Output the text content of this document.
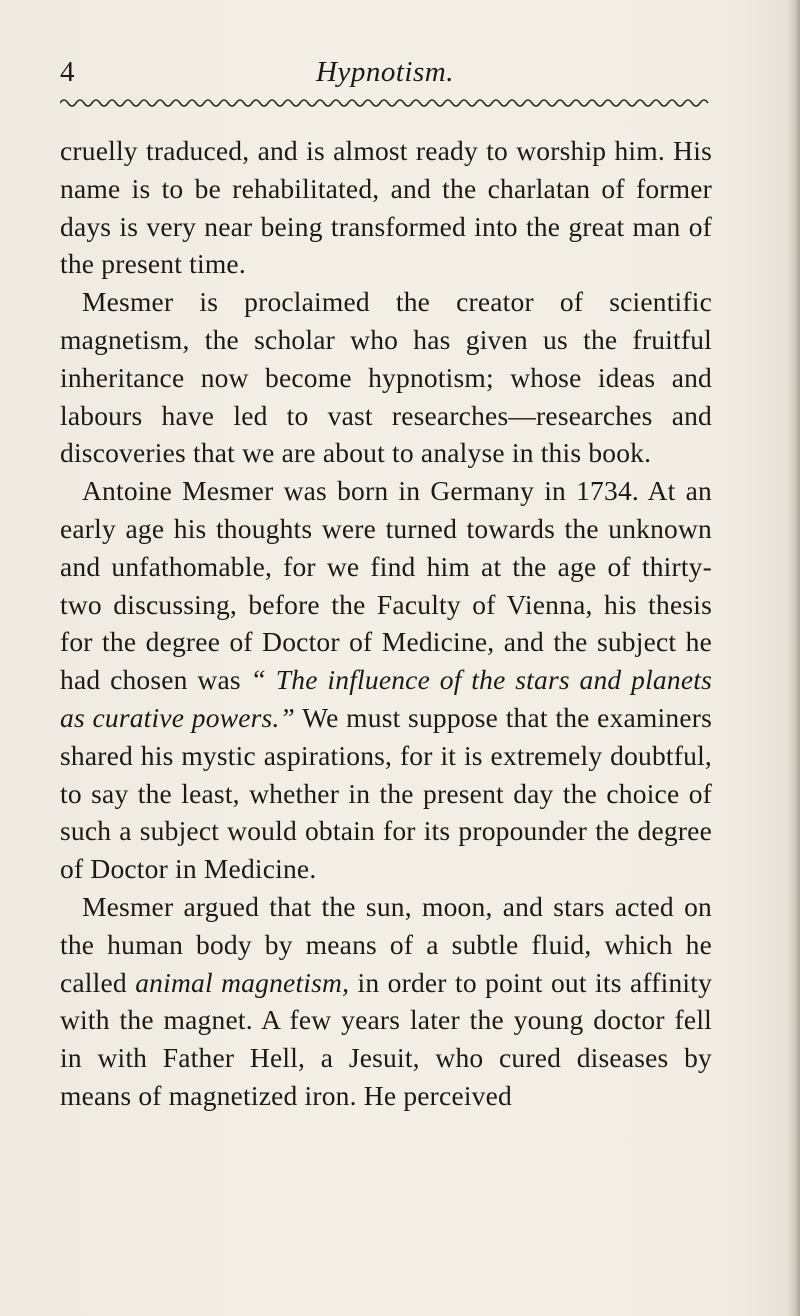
4	Hypnotism.

cruelly traduced, and is almost ready to worship him. His name is to be rehabilitated, and the charlatan of former days is very near being transformed into the great man of the present time.

Mesmer is proclaimed the creator of scientific magnetism, the scholar who has given us the fruitful inheritance now become hypnotism; whose ideas and labours have led to vast researches—researches and discoveries that we are about to analyse in this book.

Antoine Mesmer was born in Germany in 1734. At an early age his thoughts were turned towards the unknown and unfathomable, for we find him at the age of thirty-two discussing, before the Faculty of Vienna, his thesis for the degree of Doctor of Medicine, and the subject he had chosen was “ The influence of the stars and planets as curative powers.” We must suppose that the examiners shared his mystic aspirations, for it is extremely doubtful, to say the least, whether in the present day the choice of such a subject would obtain for its propounder the degree of Doctor in Medicine.

Mesmer argued that the sun, moon, and stars acted on the human body by means of a subtle fluid, which he called animal magnetism, in order to point out its affinity with the magnet. A few years later the young doctor fell in with Father Hell, a Jesuit, who cured diseases by means of magnetized iron. He perceived
